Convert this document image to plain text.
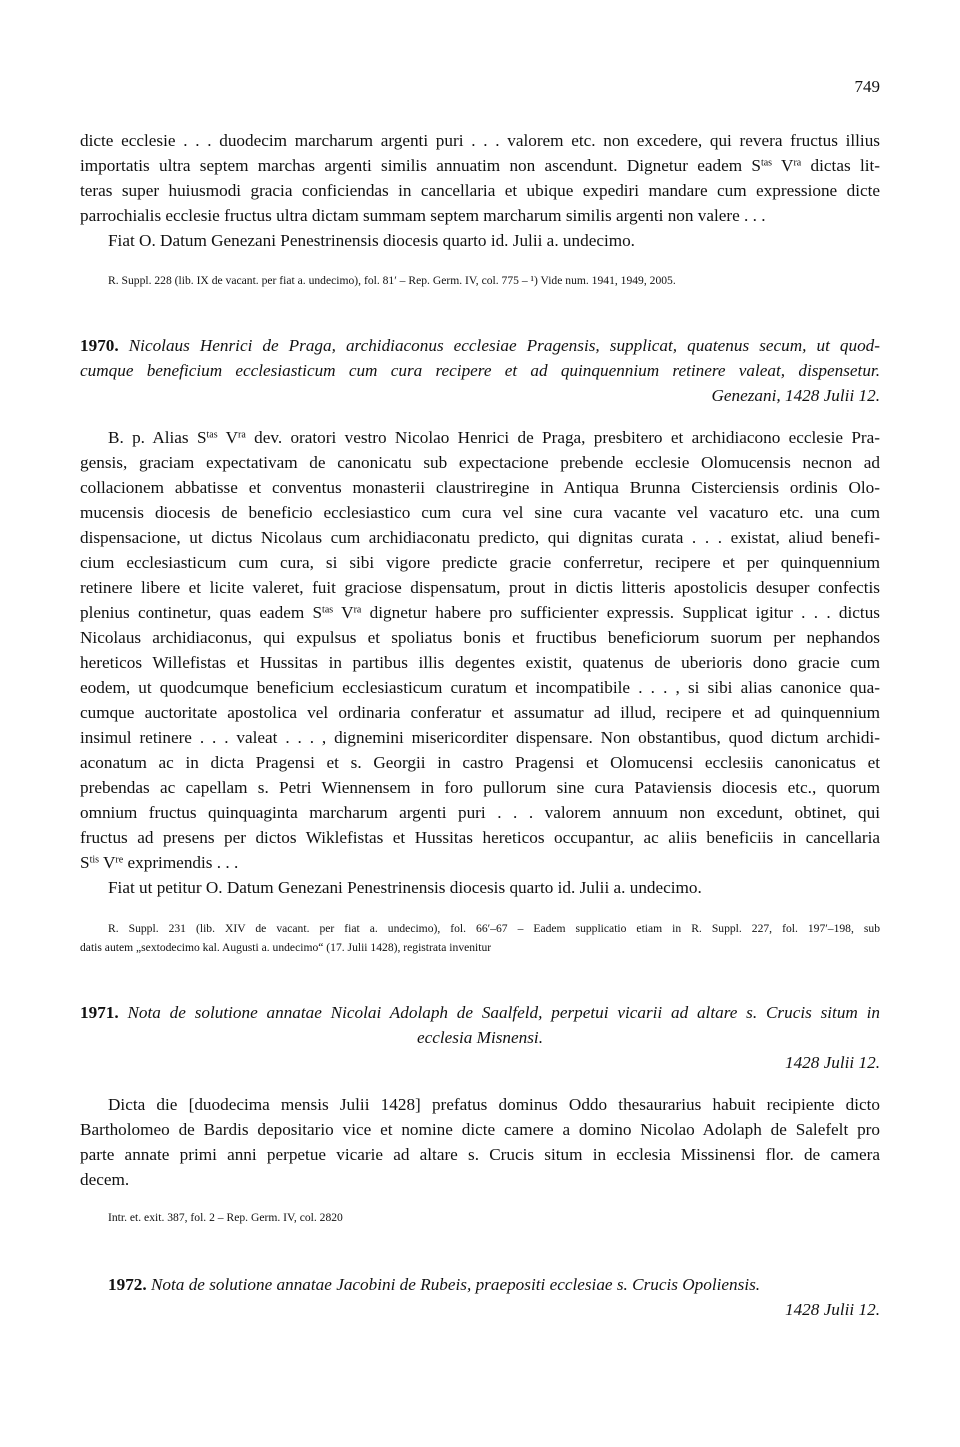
749
dicte ecclesie . . . duodecim marcharum argenti puri . . . valorem etc. non excedere, qui revera fructus illius
importatis ultra septem marchas argenti similis annuatim non ascendunt. Dignetur eadem $S^{tas}$ $V^{ra}$ dictas lit-
teras super huiusmodi gracia conficiendas in cancellaria et ubique expediri mandare cum expressione dicte
parrochialis ecclesie fructus ultra dictam summam septem marcharum similis argenti non valere . . .
Fiat O. Datum Genezani Penestrinensis diocesis quarto id. Julii a. undecimo.
R. Suppl. 228 (lib. IX de vacant. per fiat a. undecimo), fol. 81′ – Rep. Germ. IV, col. 775 – ¹) Vide num. 1941, 1949, 2005.
1970. Nicolaus Henrici de Praga, archidiaconus ecclesiae Pragensis, supplicat, quatenus secum, ut quod-
cumque beneficium ecclesiasticum cum cura recipere et ad quinquennium retinere valeat, dispensetur.
Genezani, 1428 Julii 12.
B. p. Alias $S^{tas}$ $V^{ra}$ dev. oratori vestro Nicolao Henrici de Praga, presbitero et archidiacono ecclesie Pra-
gensis, graciam expectativam de canonicatu sub expectacione prebende ecclesie Olomucensis necnon ad
collacionem abbatisse et conventus monasterii claustriregine in Antiqua Brunna Cisterciensis ordinis Olo-
mucensis diocesis de beneficio ecclesiastico cum cura vel sine cura vacante vel vacaturo etc. una cum
dispensacione, ut dictus Nicolaus cum archidiaconatu predicto, qui dignitas curata . . . existat, aliud benefi-
cium ecclesiasticum cum cura, si sibi vigore predicte gracie conferretur, recipere et per quinquennium
retinere libere et licite valeret, fuit graciose dispensatum, prout in dictis litteris apostolicis desuper confectis
plenius continetur, quas eadem $S^{tas}$ $V^{ra}$ dignetur habere pro sufficienter expressis. Supplicat igitur . . . dictus
Nicolaus archidiaconus, qui expulsus et spoliatus bonis et fructibus beneficiorum suorum per nephandos
hereticos Willefistas et Hussitas in partibus illis degentes existit, quatenus de uberioris dono gracie cum
eodem, ut quodcumque beneficium ecclesiasticum curatum et incompatibile . . . , si sibi alias canonice qua-
cumque auctoritate apostolica vel ordinaria conferatur et assumatur ad illud, recipere et ad quinquennium
insimul retinere . . . valeat . . . , dignemini misericorditer dispensare. Non obstantibus, quod dictum archidi-
aconatum ac in dicta Pragensi et s. Georgii in castro Pragensi et Olomucensi ecclesiis canonicatus et
prebendas ac capellam s. Petri Wiennensem in foro pullorum sine cura Pataviensis diocesis etc., quorum
omnium fructus quinquaginta marcharum argenti puri . . . valorem annuum non excedunt, obtinet, qui
fructus ad presens per dictos Wiklefistas et Hussitas hereticos occupantur, ac aliis beneficiis in cancellaria
$S^{tis}$ Vre exprimendis . . .
Fiat ut petitur O. Datum Genezani Penestrinensis diocesis quarto id. Julii a. undecimo.
R. Suppl. 231 (lib. XIV de vacant. per fiat a. undecimo), fol. 66′–67 – Eadem supplicatio etiam in R. Suppl. 227, fol. 197′–198, sub
datis autem „sextodecimo kal. Augusti a. undecimo“ (17. Julii 1428), registrata invenitur
1971. Nota de solutione annatae Nicolai Adolaph de Saalfeld, perpetui vicarii ad altare s. Crucis situm in
ecclesia Misnensi.
1428 Julii 12.
Dicta die [duodecima mensis Julii 1428] prefatus dominus Oddo thesaurarius habuit recipiente dicto
Bartholomeo de Bardis depositario vice et nomine dicte camere a domino Nicolao Adolaph de Salefelt pro
parte annate primi anni perpetue vicarie ad altare s. Crucis situm in ecclesia Missinensi flor. de camera
decem.
Intr. et. exit. 387, fol. 2 – Rep. Germ. IV, col. 2820
1972. Nota de solutione annatae Jacobini de Rubeis, praepositi ecclesiae s. Crucis Opoliensis.
1428 Julii 12.
